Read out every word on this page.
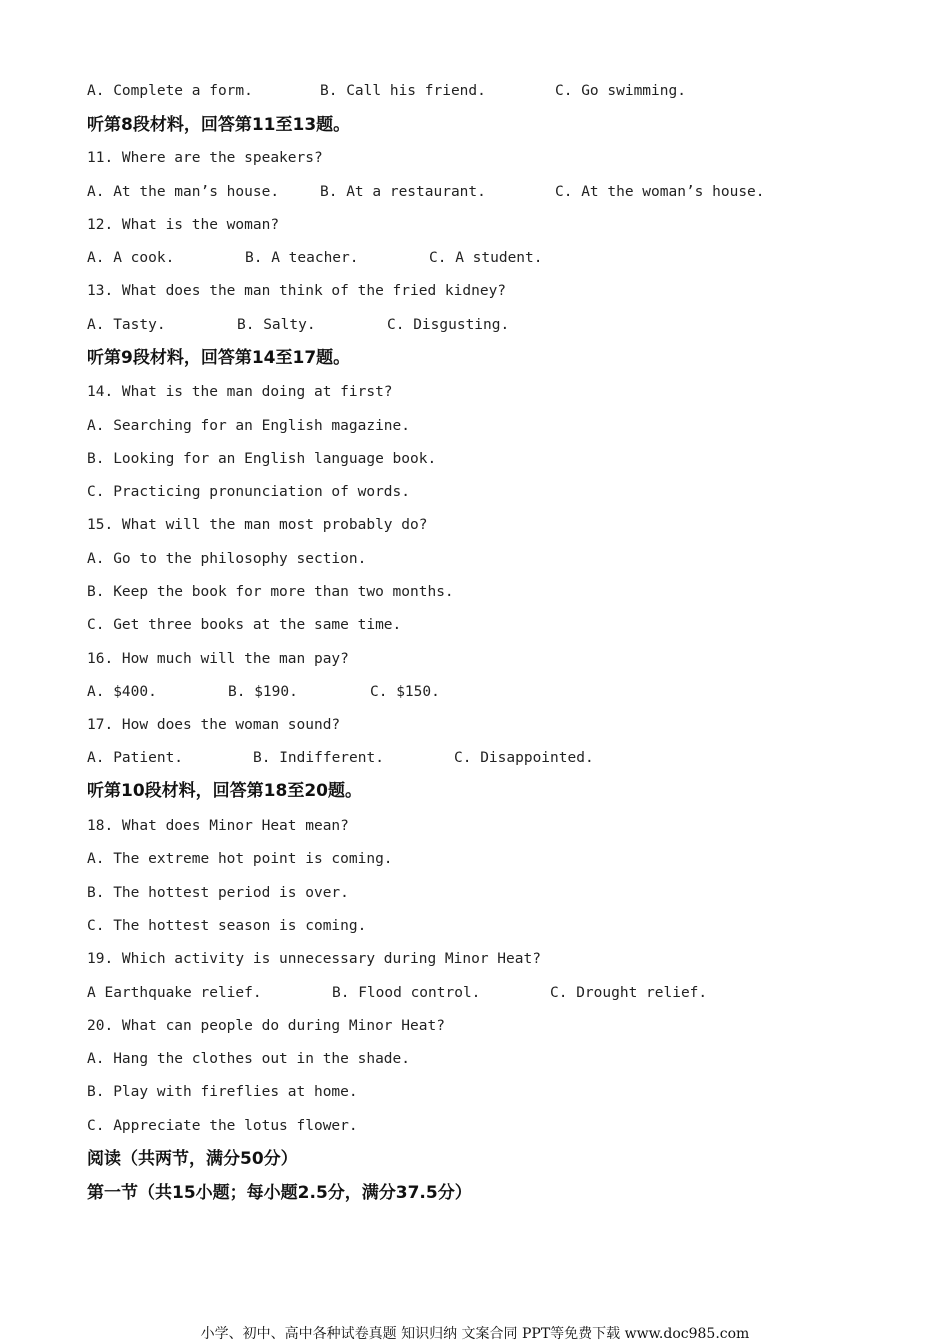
A. Complete a form.

	B. Call his friend.

	C. Go swimming.

听第8段材料，回答第11至13题。
11. Where are the speakers?

A. At the man’s house.

	B. At a restaurant.

	C. At the woman’s house.

12. What is the woman?

A. A cook.

	B. A teacher.

	C. A student.

13. What does the man think of the fried kidney?

A. Tasty.

	B. Salty.

	C. Disgusting.

听第9段材料，回答第14至17题。
14. What is the man doing at first?
A. Searching for an English magazine.
B. Looking for an English language book.
C. Practicing pronunciation of words.
15. What will the man most probably do?
A. Go to the philosophy section.
B. Keep the book for more than two months.
C. Get three books at the same time.
16. How much will the man pay?

A. $400.

	B. $190.

	C. $150.

17. How does the woman sound?

A. Patient.

	B. Indifferent.

	C. Disappointed.

听第10段材料，回答第18至20题。
18. What does Minor Heat mean?
A. The extreme hot point is coming.
B. The hottest period is over.
C. The hottest season is coming.
19. Which activity is unnecessary during Minor Heat?

A Earthquake relief.

	B. Flood control.

	C. Drought relief.

20. What can people do during Minor Heat?
A. Hang the clothes out in the shade.
B. Play with fireflies at home.
C. Appreciate the lotus flower.
阅读（共两节，满分50分）
第一节（共15小题；每小题2.5分，满分37.5分）
小学、初中、高中各种试卷真题 知识归纳 文案合同 PPT等免费下载 www.doc985.com
